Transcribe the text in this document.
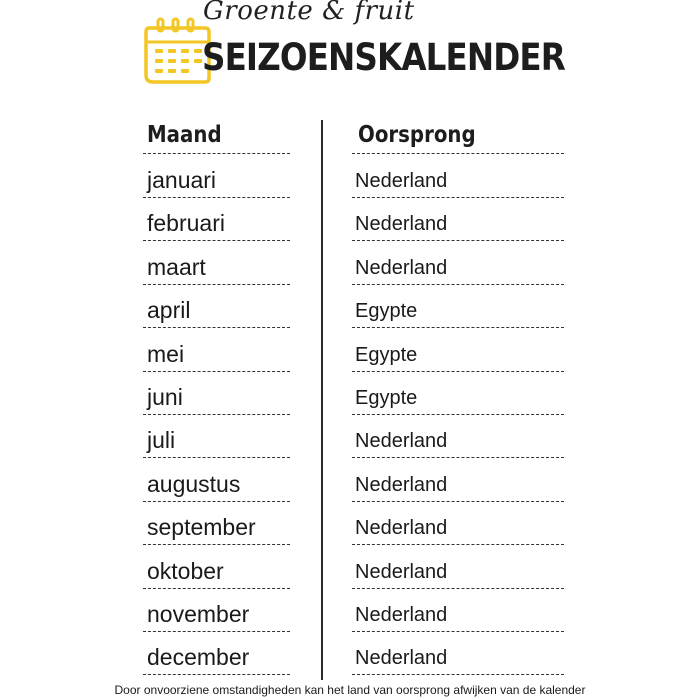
Groente & fruit
SEIZOENSKALENDER
Maand
januari
februari
maart
april
mei
juni
juli
augustus
september
oktober
november
december
Oorsprong
Nederland
Nederland
Nederland
Egypte
Egypte
Egypte
Nederland
Nederland
Nederland
Nederland
Nederland
Nederland
Door onvoorziene omstandigheden kan het land van oorsprong afwijken van de kalender
